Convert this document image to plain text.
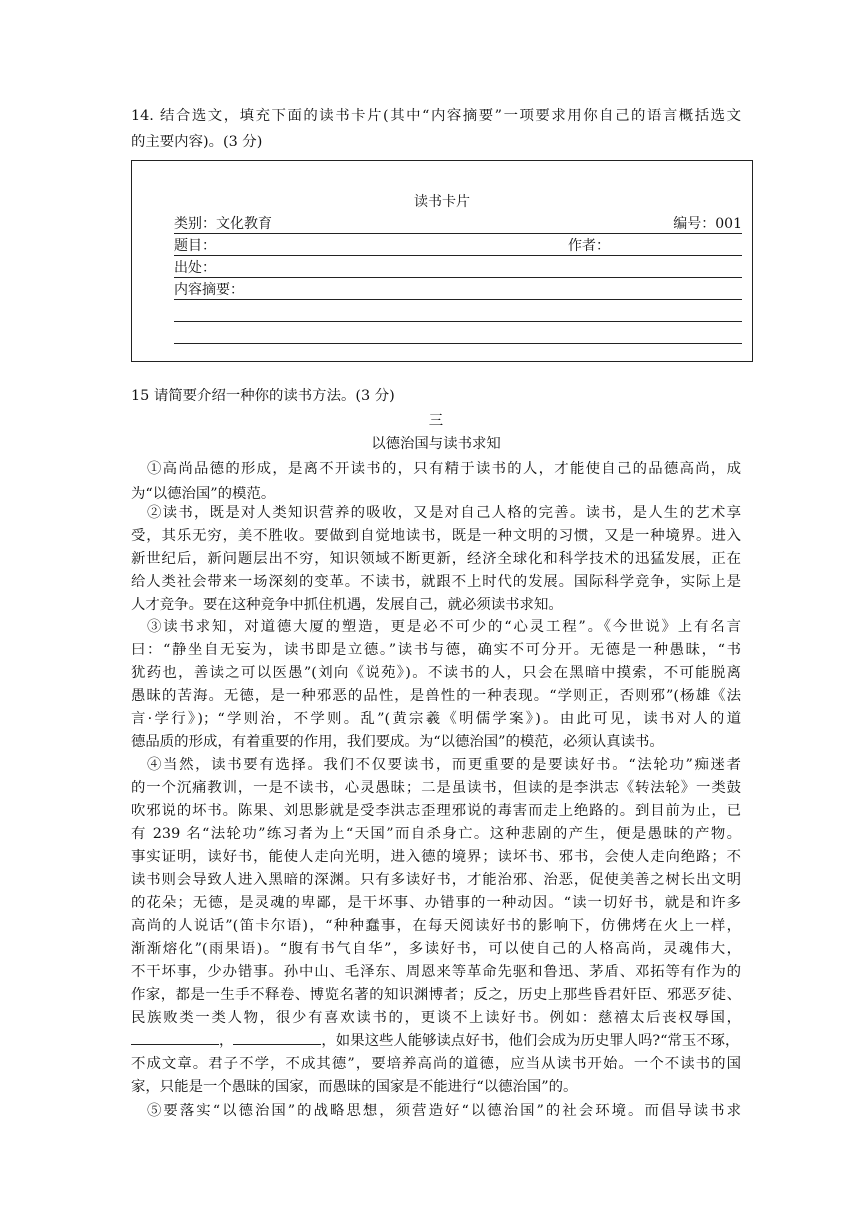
14. 结合选文，填充下面的读书卡片(其中“内容摘要”一项要求用你自己的语言概括选文
的主要内容)。(3 分)
读书卡片
类别：文化教育	编号：001
题目：	作者：
出处：
内容摘要：
15 请简要介绍一种你的读书方法。(3 分)
三
以德治国与读书求知
①高尚品德的形成，是离不开读书的，只有精于读书的人，才能使自己的品德高尚，成
为“以德治国”的模范。
②读书，既是对人类知识营养的吸收，又是对自己人格的完善。读书，是人生的艺术享
受，其乐无穷，美不胜收。要做到自觉地读书，既是一种文明的习惯，又是一种境界。进入
新世纪后，新问题层出不穷，知识领域不断更新，经济全球化和科学技术的迅猛发展，正在
给人类社会带来一场深刻的变革。不读书，就跟不上时代的发展。国际科学竞争，实际上是
人才竞争。要在这种竞争中抓住机遇，发展自己，就必须读书求知。
③读书求知，对道德大厦的塑造，更是必不可少的“心灵工程”。《今世说》上有名言
曰：“静坐自无妄为，读书即是立德。”读书与德，确实不可分开。无德是一种愚昧，“书
犹药也，善读之可以医愚”(刘向《说苑》)。不读书的人，只会在黑暗中摸索，不可能脱离
愚昧的苦海。无德，是一种邪恶的品性，是兽性的一种表现。“学则正，否则邪”(杨雄《法
言·学行》)；“学则治，不学则。乱”(黄宗羲《明儒学案》)。由此可见，读书对人的道
德品质的形成，有着重要的作用，我们要成。为“以德治国”的模范，必须认真读书。
④当然，读书要有选择。我们不仅要读书，而更重要的是要读好书。“法轮功”痴迷者
的一个沉痛教训，一是不读书，心灵愚昧；二是虽读书，但读的是李洪志《转法轮》一类鼓
吹邪说的坏书。陈果、刘思影就是受李洪志歪理邪说的毒害而走上绝路的。到目前为止，已
有 239 名“法轮功”练习者为上“天国”而自杀身亡。这种悲剧的产生，便是愚昧的产物。
事实证明，读好书，能使人走向光明，进入德的境界；读坏书、邪书，会使人走向绝路；不
读书则会导致人进入黑暗的深渊。只有多读好书，才能治邪、治恶，促使美善之树长出文明
的花朵；无德，是灵魂的卑鄙，是干坏事、办错事的一种动因。“读一切好书，就是和许多
高尚的人说话”(笛卡尔语)，“种种蠢事，在每天阅读好书的影响下，仿佛烤在火上一样，
渐渐熔化”(雨果语)。“腹有书气自华”，多读好书，可以使自己的人格高尚，灵魂伟大，
不干坏事，少办错事。孙中山、毛泽东、周恩来等革命先驱和鲁迅、茅盾、邓拓等有作为的
作家，都是一生手不释卷、博览名著的知识渊博者；反之，历史上那些昏君奸臣、邪恶歹徒、
民族败类一类人物，很少有喜欢读书的，更谈不上读好书。例如：慈禧太后丧权辱国，
，	，如果这些人能够读点好书，他们会成为历史罪人吗?“常玉不琢，
不成文章。君子不学，不成其德”，要培养高尚的道德，应当从读书开始。一个不读书的国
家，只能是一个愚昧的国家，而愚昧的国家是不能进行“以德治国”的。
⑤要落实“以德治国”的战略思想，须营造好“以德治国”的社会环境。而倡导读书求
